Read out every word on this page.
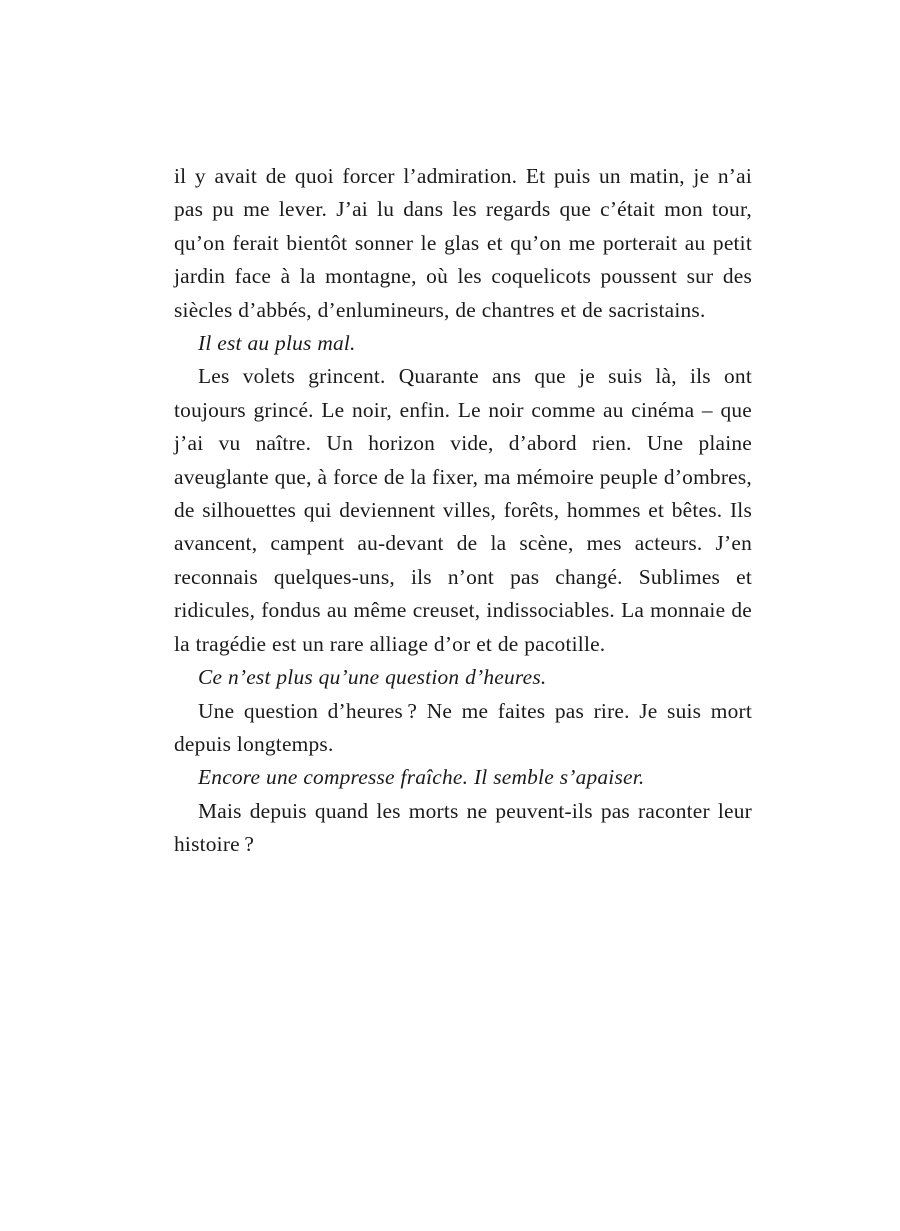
il y avait de quoi forcer l’admiration. Et puis un matin, je n’ai pas pu me lever. J’ai lu dans les regards que c’était mon tour, qu’on ferait bientôt sonner le glas et qu’on me porterait au petit jardin face à la montagne, où les coquelicots poussent sur des siècles d’abbés, d’enlumineurs, de chantres et de sacristains.

Il est au plus mal.

Les volets grincent. Quarante ans que je suis là, ils ont toujours grincé. Le noir, enfin. Le noir comme au cinéma – que j’ai vu naître. Un horizon vide, d’abord rien. Une plaine aveuglante que, à force de la fixer, ma mémoire peuple d’ombres, de silhouettes qui deviennent villes, forêts, hommes et bêtes. Ils avancent, campent au-devant de la scène, mes acteurs. J’en reconnais quelques-uns, ils n’ont pas changé. Sublimes et ridicules, fondus au même creuset, indissociables. La monnaie de la tragédie est un rare alliage d’or et de pacotille.

Ce n’est plus qu’une question d’heures.

Une question d’heures ? Ne me faites pas rire. Je suis mort depuis longtemps.

Encore une compresse fraîche. Il semble s’apaiser.

Mais depuis quand les morts ne peuvent-ils pas raconter leur histoire ?
